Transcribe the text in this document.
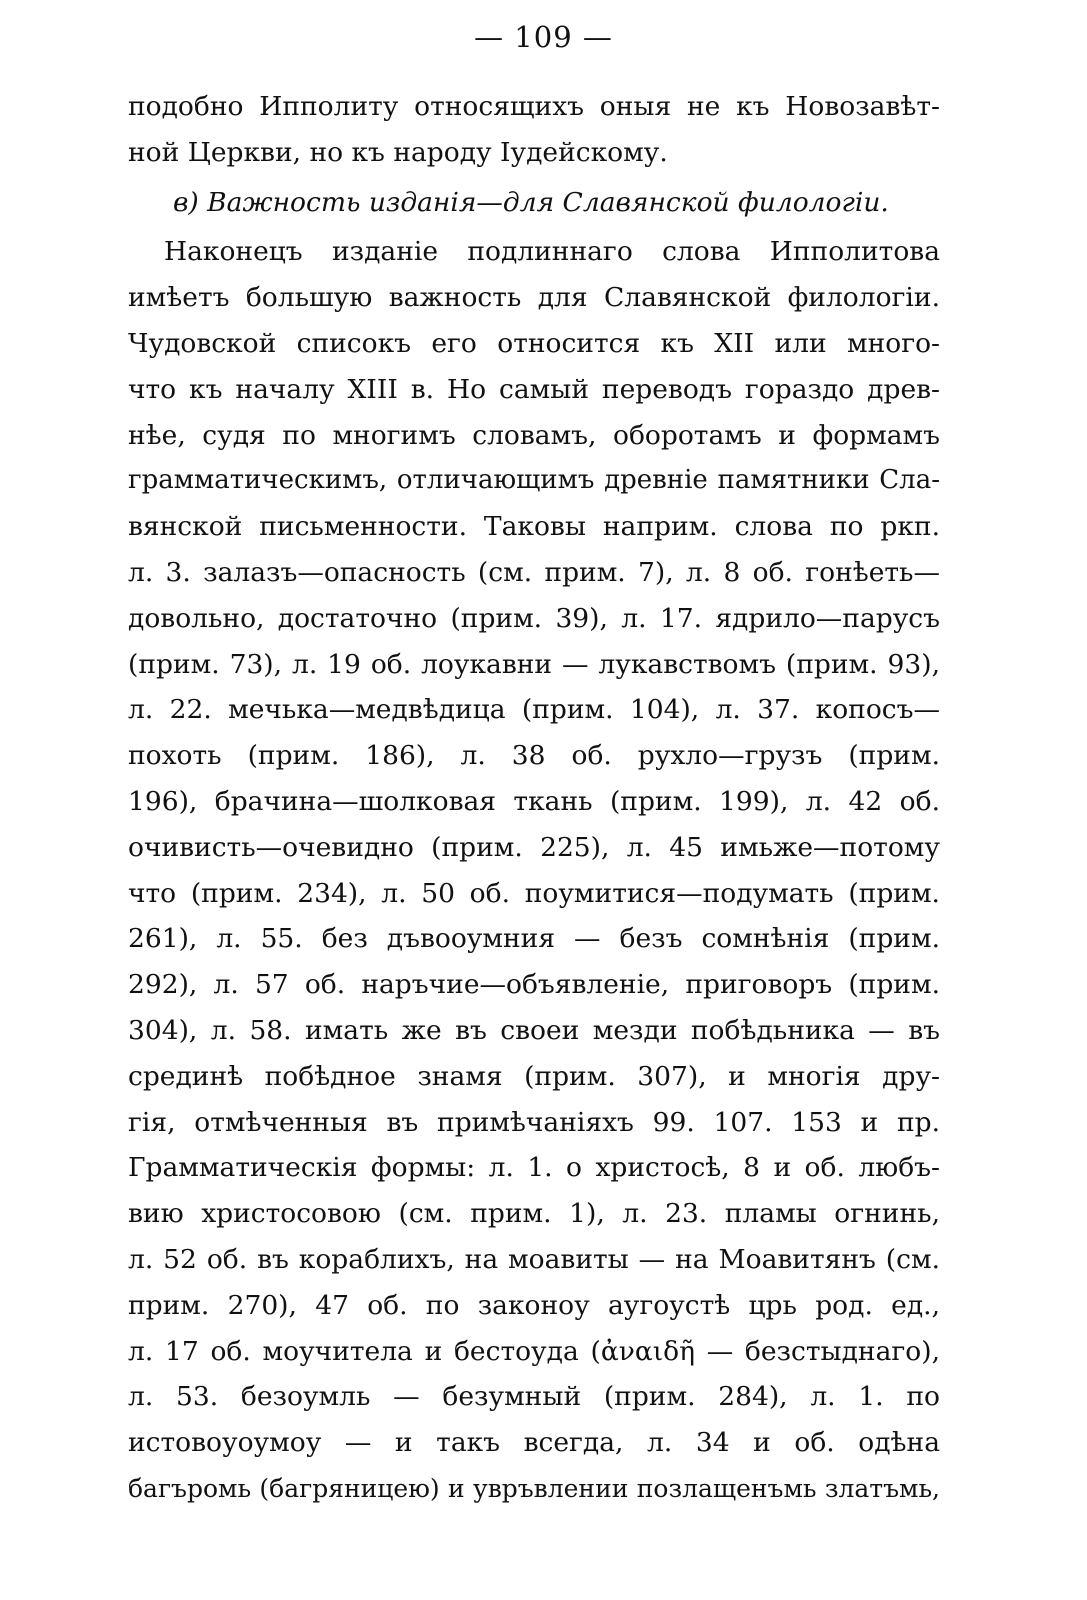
— 109 —
подобно Ипполиту относящихъ оныя не къ Новозавѣт-
ной Церкви, но къ народу Іудейскому.
в) Важность изданія—для Славянской филологіи.
Наконецъ изданіе подлиннаго слова Ипполитова
имѣетъ большую важность для Славянской филологіи.
Чудовской списокъ его относится къ XII или много-
что къ началу XIII в. Но самый переводъ гораздо древ-
нѣе, судя по многимъ словамъ, оборотамъ и формамъ
грамматическимъ, отличающимъ древніе памятники Сла-
вянской письменности. Таковы наприм. слова по ркп.
л. 3. залазъ—опасность (см. прим. 7), л. 8 об. гонѣеть—
довольно, достаточно (прим. 39), л. 17. ядрило—парусъ
(прим. 73), л. 19 об. лоукавни — лукавствомъ (прим. 93),
л. 22. мечька—медвѣдица (прим. 104), л. 37. копосъ—
похоть (прим. 186), л. 38 об. рухло—грузъ (прим.
196), брачина—шолковая ткань (прим. 199), л. 42 об.
очивисть—очевидно (прим. 225), л. 45 имьже—потому
что (прим. 234), л. 50 об. поумитися—подумать (прим.
261), л. 55. без дъвооумния — безъ сомнѣнія (прим.
292), л. 57 об. наръчие—объявленіе, приговоръ (прим.
304), л. 58. имать же въ своеи мезди побѣдьника — въ
срединѣ побѣдное знамя (прим. 307), и многія дру-
гія, отмѣченныя въ примѣчаніяхъ 99. 107. 153 и пр.
Грамматическія формы: л. 1. о христосѣ, 8 и об. любъ-
вию христосовою (см. прим. 1), л. 23. пламы огнинь,
л. 52 об. въ кораблихъ, на моавиты — на Моавитянъ (см.
прим. 270), 47 об. по законоу аугоустѣ црь род. ед.,
л. 17 об. моучитела и бестоуда (ἀναιδῆ — безстыднаго),
л. 53. безоумль — безумный (прим. 284), л. 1. по
истовоуоумоу — и такъ всегда, л. 34 и об. одѣна
багъромь (багряницею) и увръвлении позлащенъмь златъмь,
